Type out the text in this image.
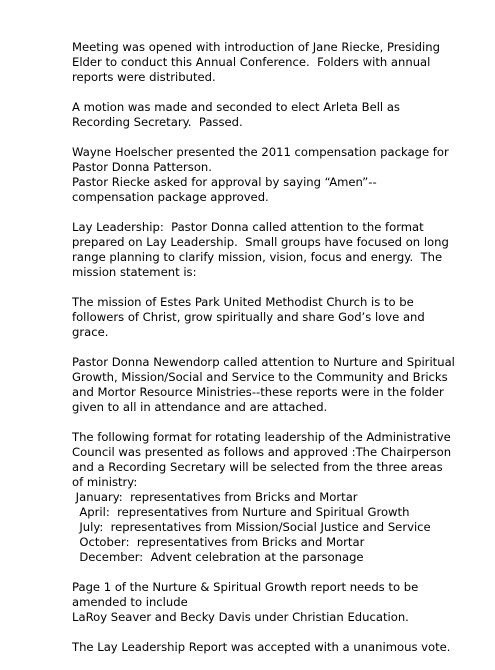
Meeting was opened with introduction of Jane Riecke, Presiding
Elder to conduct this Annual Conference.  Folders with annual
reports were distributed.
A motion was made and seconded to elect Arleta Bell as
Recording Secretary.  Passed.
Wayne Hoelscher presented the 2011 compensation package for
Pastor Donna Patterson.
Pastor Riecke asked for approval by saying “Amen”--
compensation package approved.
Lay Leadership:  Pastor Donna called attention to the format
prepared on Lay Leadership.  Small groups have focused on long
range planning to clarify mission, vision, focus and energy.  The
mission statement is:
The mission of Estes Park United Methodist Church is to be
followers of Christ, grow spiritually and share God’s love and
grace.
Pastor Donna Newendorp called attention to Nurture and Spiritual
Growth, Mission/Social and Service to the Community and Bricks
and Mortor Resource Ministries--these reports were in the folder
given to all in attendance and are attached.
The following format for rotating leadership of the Administrative
Council was presented as follows and approved :The Chairperson
and a Recording Secretary will be selected from the three areas
of ministry:
January:  representatives from Bricks and Mortar
April:  representatives from Nurture and Spiritual Growth
July:  representatives from Mission/Social Justice and Service
October:  representatives from Bricks and Mortar
December:  Advent celebration at the parsonage
Page 1 of the Nurture & Spiritual Growth report needs to be
amended to include
LaRoy Seaver and Becky Davis under Christian Education.
The Lay Leadership Report was accepted with a unanimous vote.
